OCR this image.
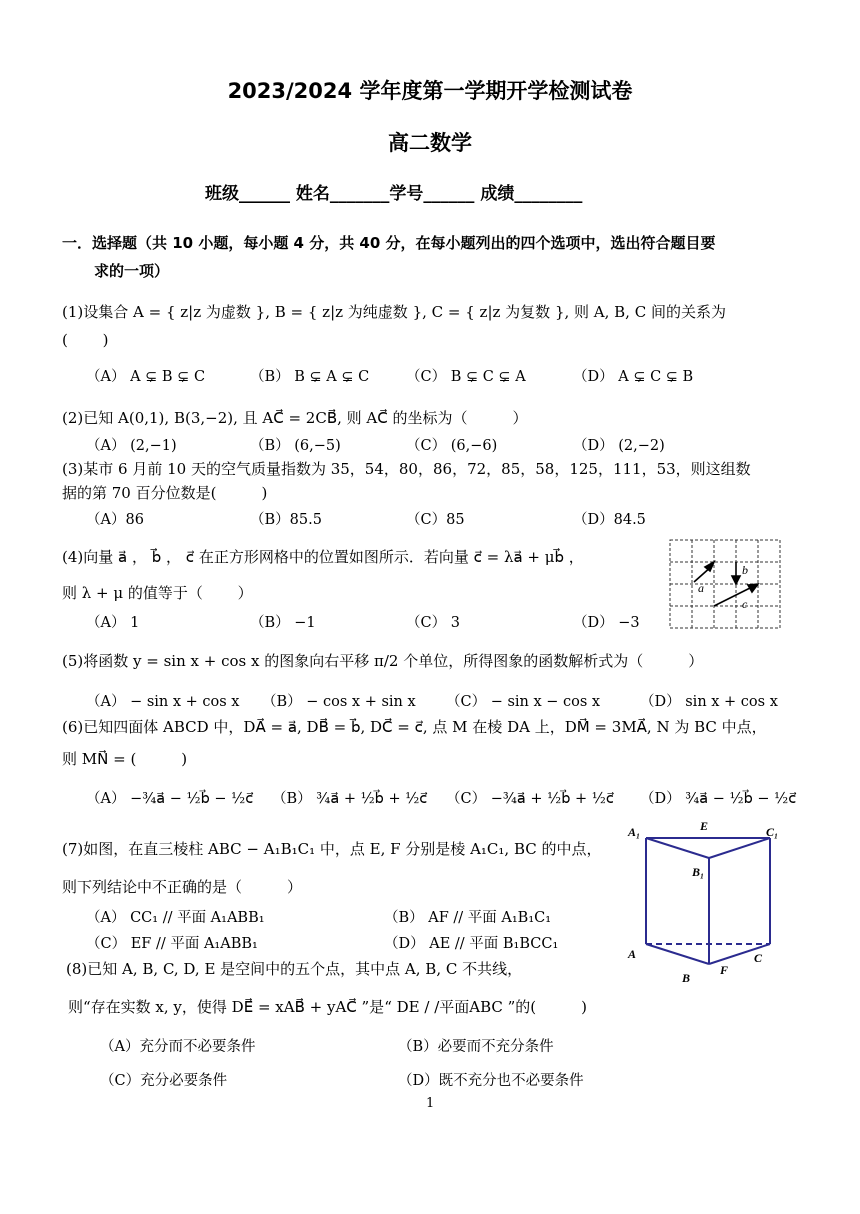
2023/2024 学年度第一学期开学检测试卷
高二数学
班级______ 姓名_______学号______ 成绩________
一．选择题（共 10 小题，每小题 4 分，共 40 分，在每小题列出的四个选项中，选出符合题目要
求的一项）
(1)设集合 A = { z|z 为虚数 }, B = { z|z 为纯虚数 }, C = { z|z 为复数 }, 则 A, B, C 间的关系为
(　　 )
（A） A ⊊ B ⊊ C	（B） B ⊊ A ⊊ C	（C） B ⊊ C ⊊ A	（D） A ⊊ C ⊊ B
(2)已知 A(0,1), B(3,−2), 且 AC⃗ = 2CB⃗, 则 AC⃗ 的坐标为（　　　）
（A） (2,−1)	（B） (6,−5)	（C） (6,−6)	（D） (2,−2)
(3)某市 6 月前 10 天的空气质量指数为 35，54，80，86，72，85，58，125，111，53，则这组数
据的第 70 百分位数是(　　　)
（A）86	（B）85.5	（C）85	（D）84.5
(4)向量 a⃗ ， b⃗ ， c⃗ 在正方形网格中的位置如图所示．若向量 c⃗ = λa⃗ + μb⃗ ，
则 λ + μ 的值等于（　　 ）
（A） 1	（B） −1	（C） 3	（D） −3
a
b
c
(5)将函数 y = sin x + cos x 的图象向右平移 π/2 个单位，所得图象的函数解析式为（　　　）
（A） − sin x + cos x （B） − cos x + sin x （C） − sin x − cos x	（D） sin x + cos x
(6)已知四面体 ABCD 中，DA⃗ = a⃗, DB⃗ = b⃗, DC⃗ = c⃗, 点 M 在棱 DA 上，DM⃗ = 3MA⃗, N 为 BC 中点，
则 MN⃗ = (　　　)
（A） −¾a⃗ − ½b⃗ − ½c⃗ （B） ¾a⃗ + ½b⃗ + ½c⃗ （C） −¾a⃗ + ½b⃗ + ½c⃗ （D） ¾a⃗ − ½b⃗ − ½c⃗
(7)如图，在直三棱柱 ABC − A₁B₁C₁ 中，点 E, F 分别是棱 A₁C₁, BC 的中点，
则下列结论中不正确的是（　　　）
（A） CC₁ // 平面 A₁ABB₁	（B） AF // 平面 A₁B₁C₁
（C） EF // 平面 A₁ABB₁	（D） AE // 平面 B₁BCC₁
A₁	E	C₁
B₁
A
B
F
C
(8)已知 A, B, C, D, E 是空间中的五个点，其中点 A, B, C 不共线，
则“存在实数 x, y，使得 DE⃗ = xAB⃗ + yAC⃗ ”是“ DE / /平面ABC ”的(　　　)
（A）充分而不必要条件	（B）必要而不充分条件
（C）充分必要条件	（D）既不充分也不必要条件
1
